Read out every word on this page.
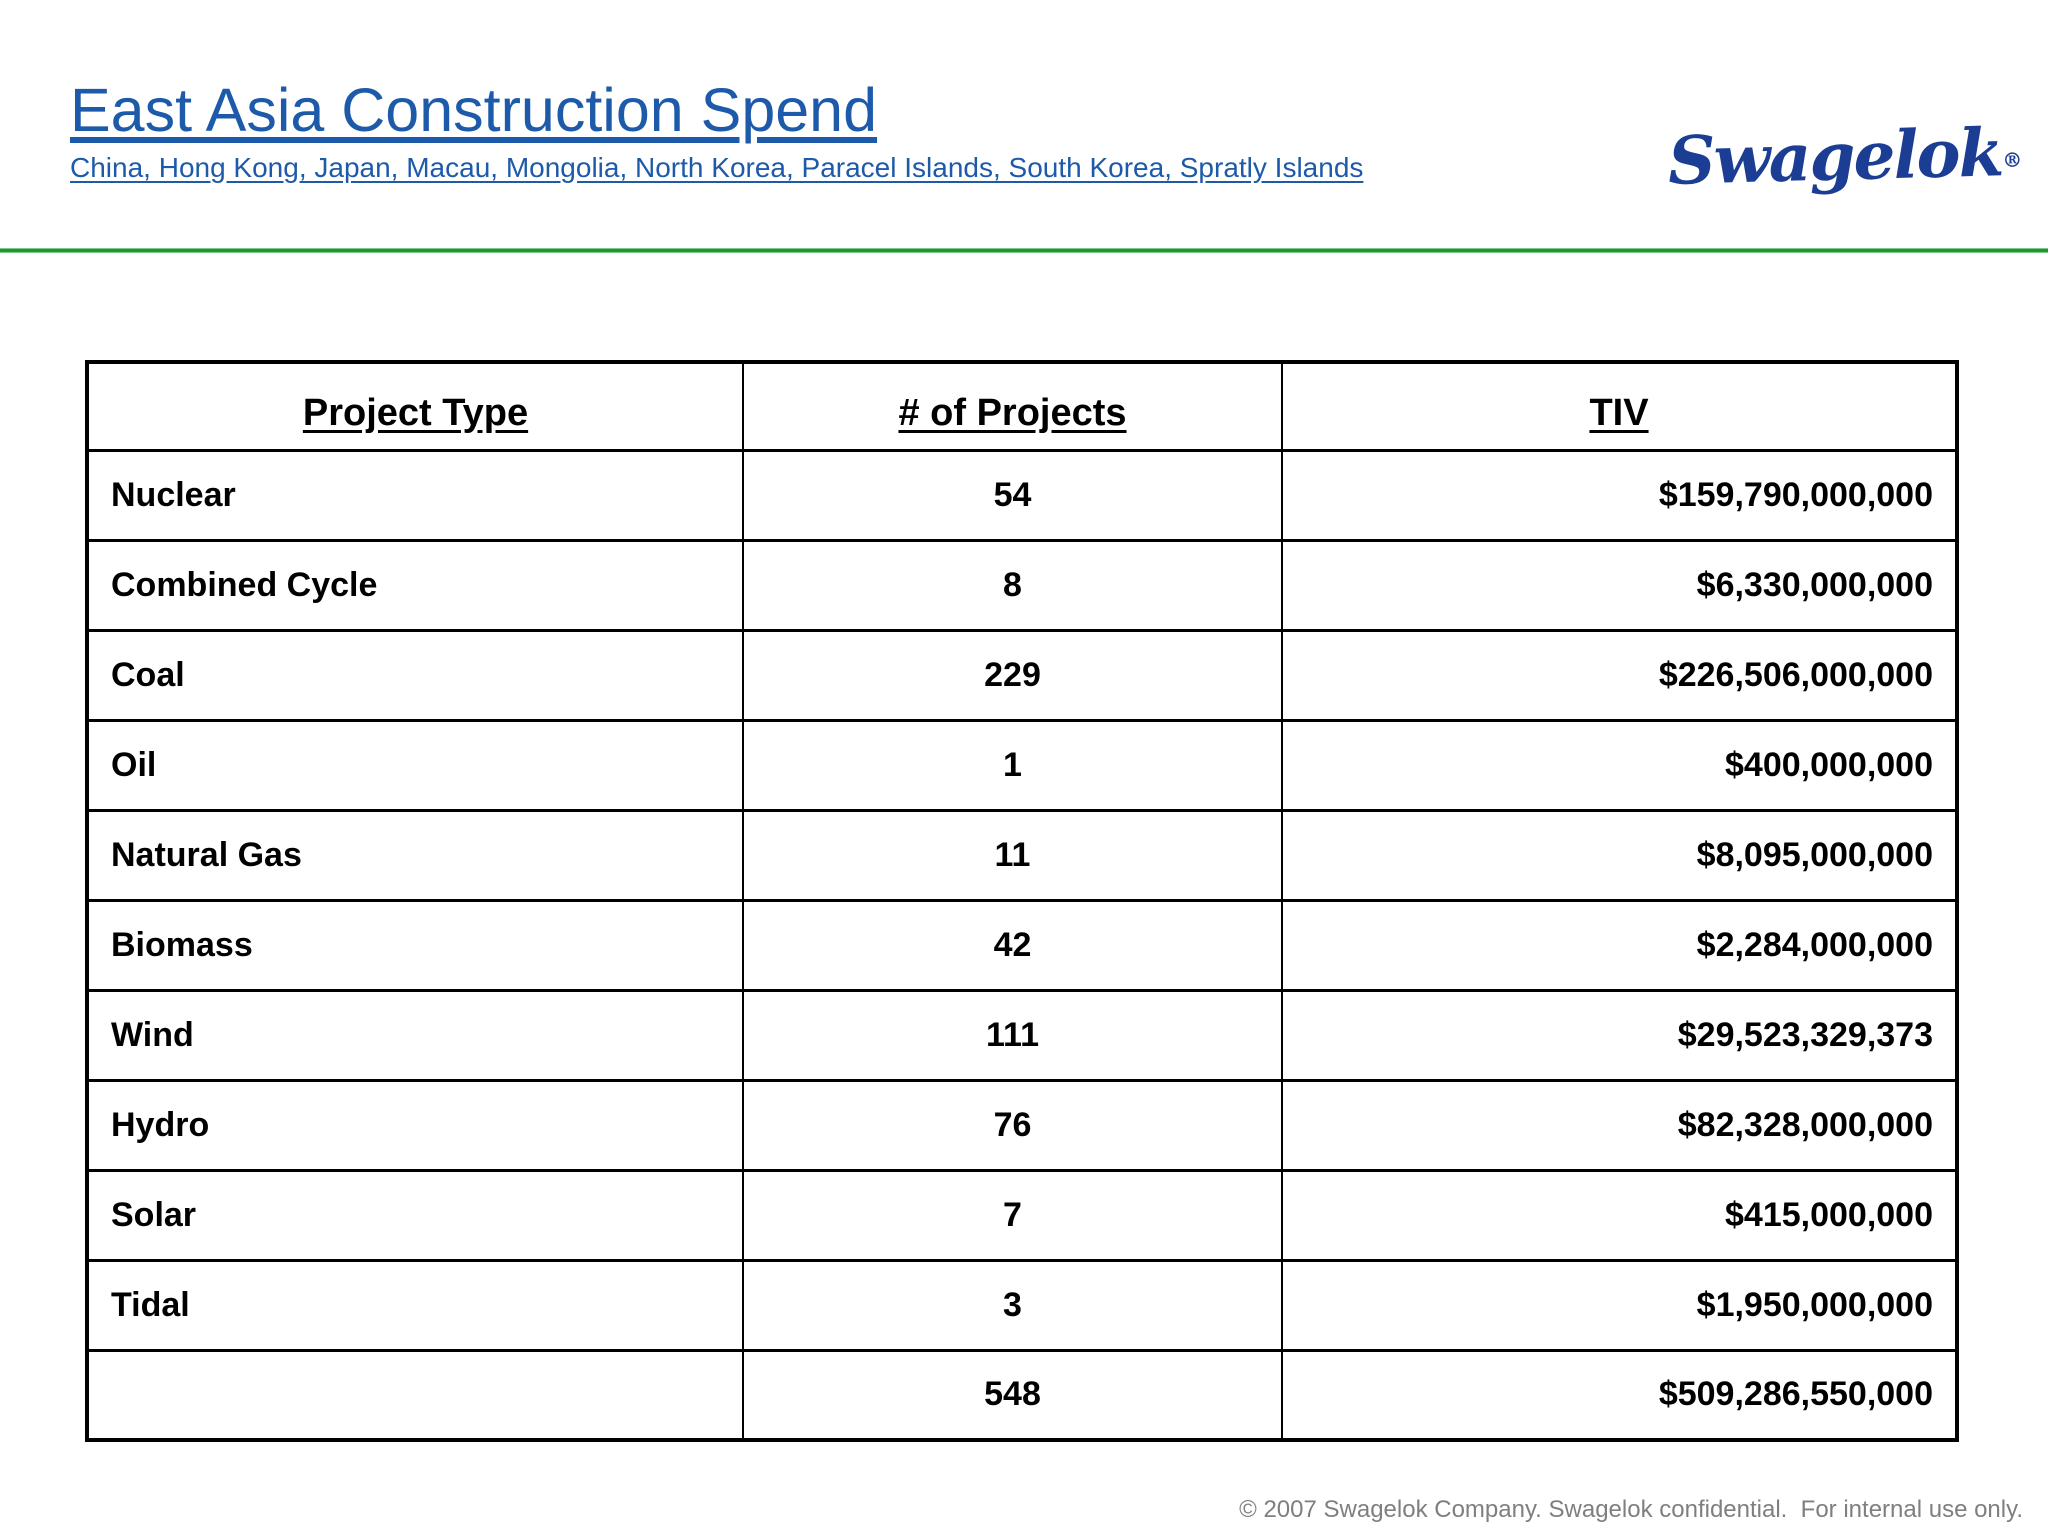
East Asia Construction Spend
China, Hong Kong, Japan, Macau, Mongolia, North Korea, Paracel Islands, South Korea, Spratly Islands	Swagelok®
Project Type	# of Projects	TIV
Nuclear	54	$159,790,000,000
Combined Cycle	8	$6,330,000,000
Coal	229	$226,506,000,000
Oil	1	$400,000,000
Natural Gas	11	$8,095,000,000
Biomass	42	$2,284,000,000
Wind	111	$29,523,329,373
Hydro	76	$82,328,000,000
Solar	7	$415,000,000
Tidal	3	$1,950,000,000
	548	$509,286,550,000
© 2007 Swagelok Company. Swagelok confidential.  For internal use only.
